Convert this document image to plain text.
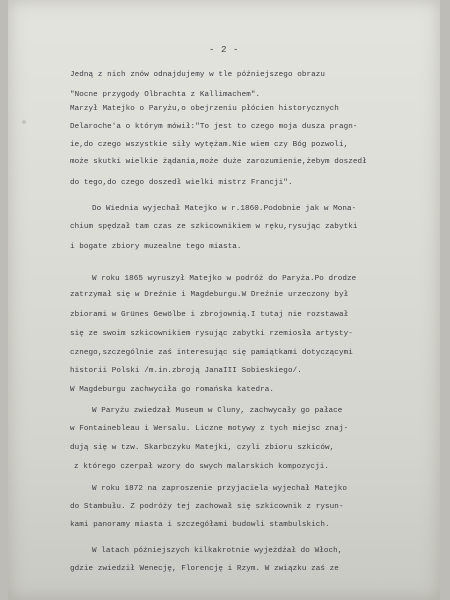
- 2 -
Jedną z nich znów odnajdujemy w tle późniejszego obrazu
"Nocne przygody Olbrachta z Kallimachem".
Marzył Matejko o Paryżu,o obejrzeniu płócien historycznych
Delaroche'a o którym mówił:"To jest to czego moja dusza pragn-
ie,do czego wszystkie siły wytężam.Nie wiem czy Bóg pozwoli,
może skutki wielkie żądania,może duże zarozumienie,żebym doszedł
do tego,do czego doszedł wielki mistrz Francji".
Do Wiednia wyjechał Matejko w r.1860.Podobnie jak w Mona-
chium spędzał tam czas ze szkicownikiem w ręku,rysując zabytki
i bogate zbiory muzealne tego miasta.
W roku 1865 wyruszył Matejko w podróż do Paryża.Po drodze
zatrzymał się w Dreźnie i Magdeburgu.W Dreźnie urzeczony był
zbiorami w Grünes Gewölbe i zbrojownią.I tutaj nie rozstawał
się ze swoim szkicownikiem rysując zabytki rzemiosła artysty-
cznego,szczególnie zaś interesując się pamiątkami dotyczącymi
historii Polski /m.in.zbroją JanaIII Sobieskiego/.
W Magdeburgu zachwyciła go romańska katedra.
W Paryżu zwiedzał Museum w Cluny, zachwycały go pałace
w Fontainebleau i Wersalu. Liczne motywy z tych miejsc znaj-
dują się w tzw. Skarbczyku Matejki, czyli zbioru szkiców,
z którego czerpał wzory do swych malarskich kompozycji.
W roku 1872 na zaproszenie przyjaciela wyjechał Matejko
do Stambułu. Z podróży tej zachował się szkicownik z rysun-
kami panoramy miasta i szczegółami budowli stambulskich.
W latach późniejszych kilkakrotnie wyjeżdżał do Włoch,
gdzie zwiedził Wenecję, Florencję i Rzym. W związku zaś ze
